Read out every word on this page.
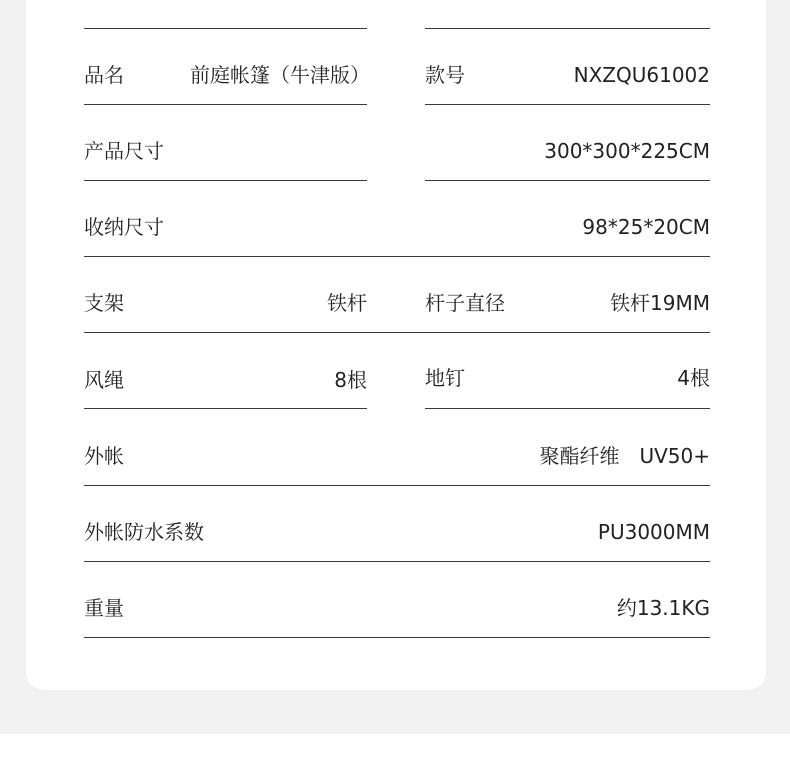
品名	前庭帐篷（牛津版）	款号	NXZQU61002
产品尺寸	300*300*225CM
收纳尺寸	98*25*20CM
支架	铁杆	杆子直径	铁杆19MM
风绳	8根	地钉	4根
外帐	聚酯纤维　UV50+
外帐防水系数	PU3000MM
重量	约13.1KG
